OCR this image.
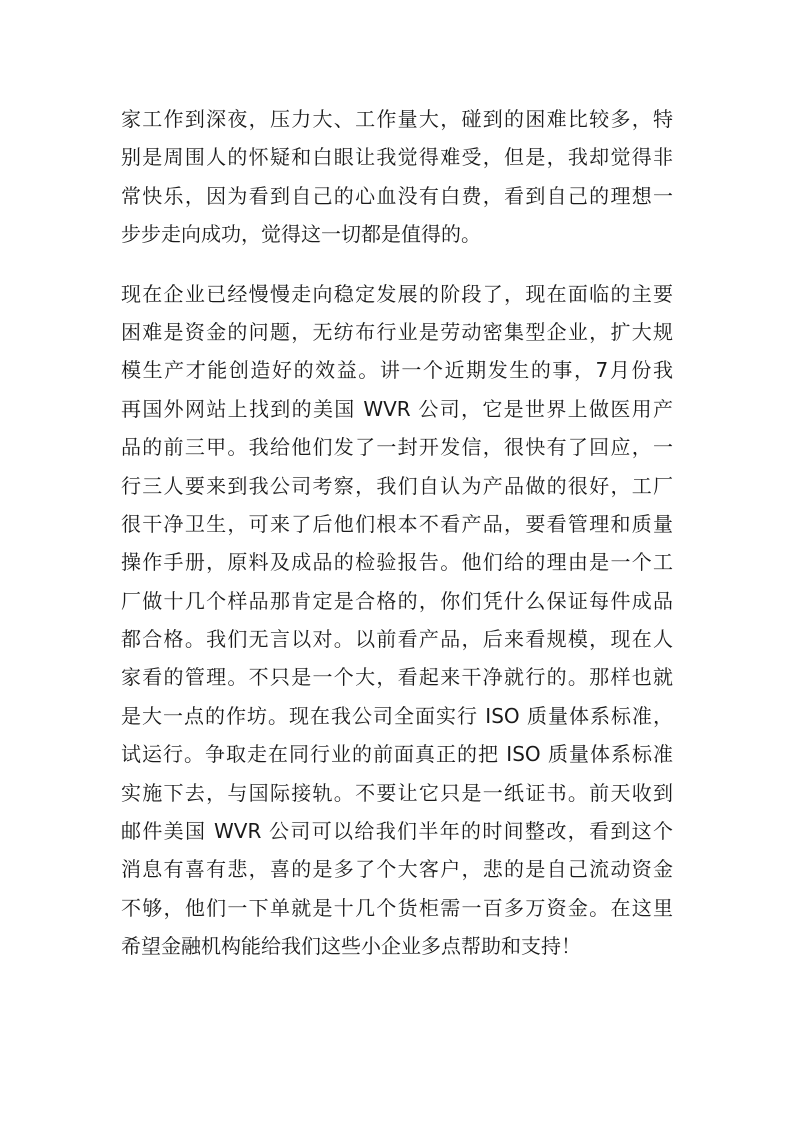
家工作到深夜，压力大、工作量大，碰到的困难比较多，特
别是周围人的怀疑和白眼让我觉得难受，但是，我却觉得非
常快乐，因为看到自己的心血没有白费，看到自己的理想一
步步走向成功，觉得这一切都是值得的。
现在企业已经慢慢走向稳定发展的阶段了，现在面临的主要
困难是资金的问题，无纺布行业是劳动密集型企业，扩大规
模生产才能创造好的效益。讲一个近期发生的事，7月份我
再国外网站上找到的美国 WVR 公司，它是世界上做医用产
品的前三甲。我给他们发了一封开发信，很快有了回应，一
行三人要来到我公司考察，我们自认为产品做的很好，工厂
很干净卫生，可来了后他们根本不看产品，要看管理和质量
操作手册，原料及成品的检验报告。他们给的理由是一个工
厂做十几个样品那肯定是合格的，你们凭什么保证每件成品
都合格。我们无言以对。以前看产品，后来看规模，现在人
家看的管理。不只是一个大，看起来干净就行的。那样也就
是大一点的作坊。现在我公司全面实行 ISO 质量体系标准，
试运行。争取走在同行业的前面真正的把 ISO 质量体系标准
实施下去，与国际接轨。不要让它只是一纸证书。前天收到
邮件美国 WVR 公司可以给我们半年的时间整改，看到这个
消息有喜有悲，喜的是多了个大客户，悲的是自己流动资金
不够，他们一下单就是十几个货柜需一百多万资金。在这里
希望金融机构能给我们这些小企业多点帮助和支持！
